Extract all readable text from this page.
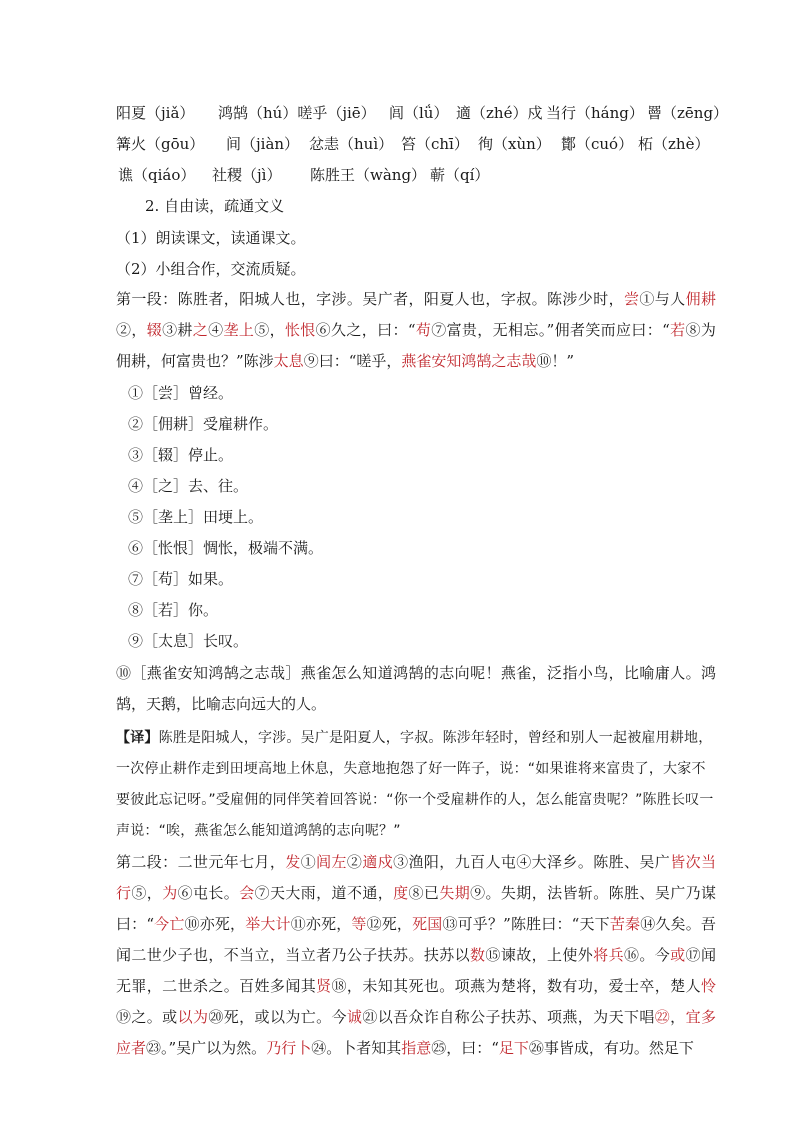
阳夏（jiǎ） 鸿鹄（hú）嗟乎（jiē） 闾（lǘ） 適（zhé）戍 当行（háng） 罾（zēng）
篝火（gōu） 间（jiàn） 忿恚（huì） 笞（chī） 徇（xùn） 鄼（cuó） 柘（zhè）
谯（qiáo） 社稷（jì） 陈胜王（wàng） 蕲（qí）
2. 自由读，疏通文义
（1）朗读课文，读通课文。
（2）小组合作，交流质疑。
第一段：陈胜者，阳城人也，字涉。吴广者，阳夏人也，字叔。陈涉少时，尝①与人佣耕②，辍③耕之④垄上⑤，怅恨⑥久之，曰：“苟⑦富贵，无相忘。”佣者笑而应曰：“若⑧为佣耕，何富贵也？”陈涉太息⑨曰：“嗟乎，燕雀安知鸿鹄之志哉⑩！”
①［尝］曾经。
②［佣耕］受雇耕作。
③［辍］停止。
④［之］去、往。
⑤［垄上］田埂上。
⑥［怅恨］惆怅，极端不满。
⑦［苟］如果。
⑧［若］你。
⑨［太息］长叹。
⑩［燕雀安知鸿鹄之志哉］燕雀怎么知道鸿鹄的志向呢！燕雀，泛指小鸟，比喻庸人。鸿鹄，天鹅，比喻志向远大的人。
【译】陈胜是阳城人，字涉。吴广是阳夏人，字叔。陈涉年轻时，曾经和别人一起被雇用耕地，一次停止耕作走到田埂高地上休息，失意地抱怨了好一阵子，说：“如果谁将来富贵了，大家不要彼此忘记呀。”受雇佣的同伴笑着回答说：“你一个受雇耕作的人，怎么能富贵呢？”陈胜长叹一声说：“唉，燕雀怎么能知道鸿鹄的志向呢？”
第二段：二世元年七月，发①闾左②適戍③渔阳，九百人屯④大泽乡。陈胜、吴广皆次当行⑤，为⑥屯长。会⑦天大雨，道不通，度⑧已失期⑨。失期，法皆斩。陈胜、吴广乃谋曰：“今亡⑩亦死，举大计⑪亦死，等⑫死，死国⑬可乎？”陈胜曰：“天下苦秦⑭久矣。吾闻二世少子也，不当立，当立者乃公子扶苏。扶苏以数⑮谏故，上使外将兵⑯。今或⑰闻无罪，二世杀之。百姓多闻其贤⑱，未知其死也。项燕为楚将，数有功，爱士卒，楚人怜⑲之。或以为⑳死，或以为亡。今诚㉑以吾众诈自称公子扶苏、项燕，为天下唱㉒，宜多应者㉓。”吴广以为然。乃行卜㉔。卜者知其指意㉕，曰：“足下㉖事皆成，有功。然足下
